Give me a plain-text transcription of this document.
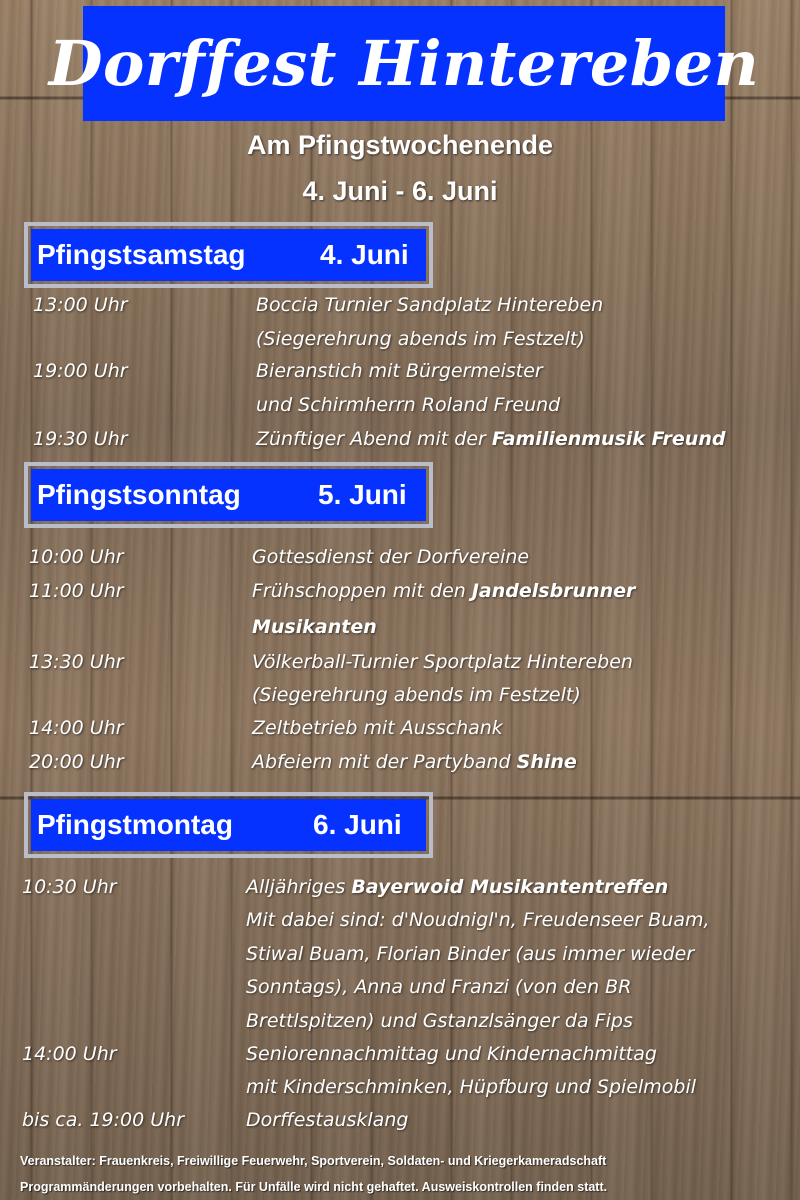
Dorffest Hintereben
Am Pfingstwochenende
4. Juni - 6. Juni
Pfingstsamstag	4. Juni
13:00 Uhr	Boccia Turnier Sandplatz Hintereben
(Siegerehrung abends im Festzelt)
19:00 Uhr	Bieranstich mit Bürgermeister
und Schirmherrn Roland Freund
19:30 Uhr	Zünftiger Abend mit der Familienmusik Freund
Pfingstsonntag	5. Juni
10:00 Uhr	Gottesdienst der Dorfvereine
11:00 Uhr	Frühschoppen mit den Jandelsbrunner
Musikanten
13:30 Uhr	Völkerball-Turnier Sportplatz Hintereben
(Siegerehrung abends im Festzelt)
14:00 Uhr	Zeltbetrieb mit Ausschank
20:00 Uhr	Abfeiern mit der Partyband Shine
Pfingstmontag	6. Juni
10:30 Uhr	Alljähriges Bayerwoid Musikantentreffen
Mit dabei sind: d'Noudnigl'n, Freudenseer Buam,
Stiwal Buam, Florian Binder (aus immer wieder
Sonntags), Anna und Franzi (von den BR
Brettlspitzen) und Gstanzlsänger da Fips
14:00 Uhr	Seniorennachmittag und Kindernachmittag
mit Kinderschminken, Hüpfburg und Spielmobil
bis ca. 19:00 Uhr	Dorffestausklang
Veranstalter: Frauenkreis, Freiwillige Feuerwehr, Sportverein, Soldaten- und Kriegerkameradschaft
Programmänderungen vorbehalten. Für Unfälle wird nicht gehaftet. Ausweiskontrollen finden statt.
